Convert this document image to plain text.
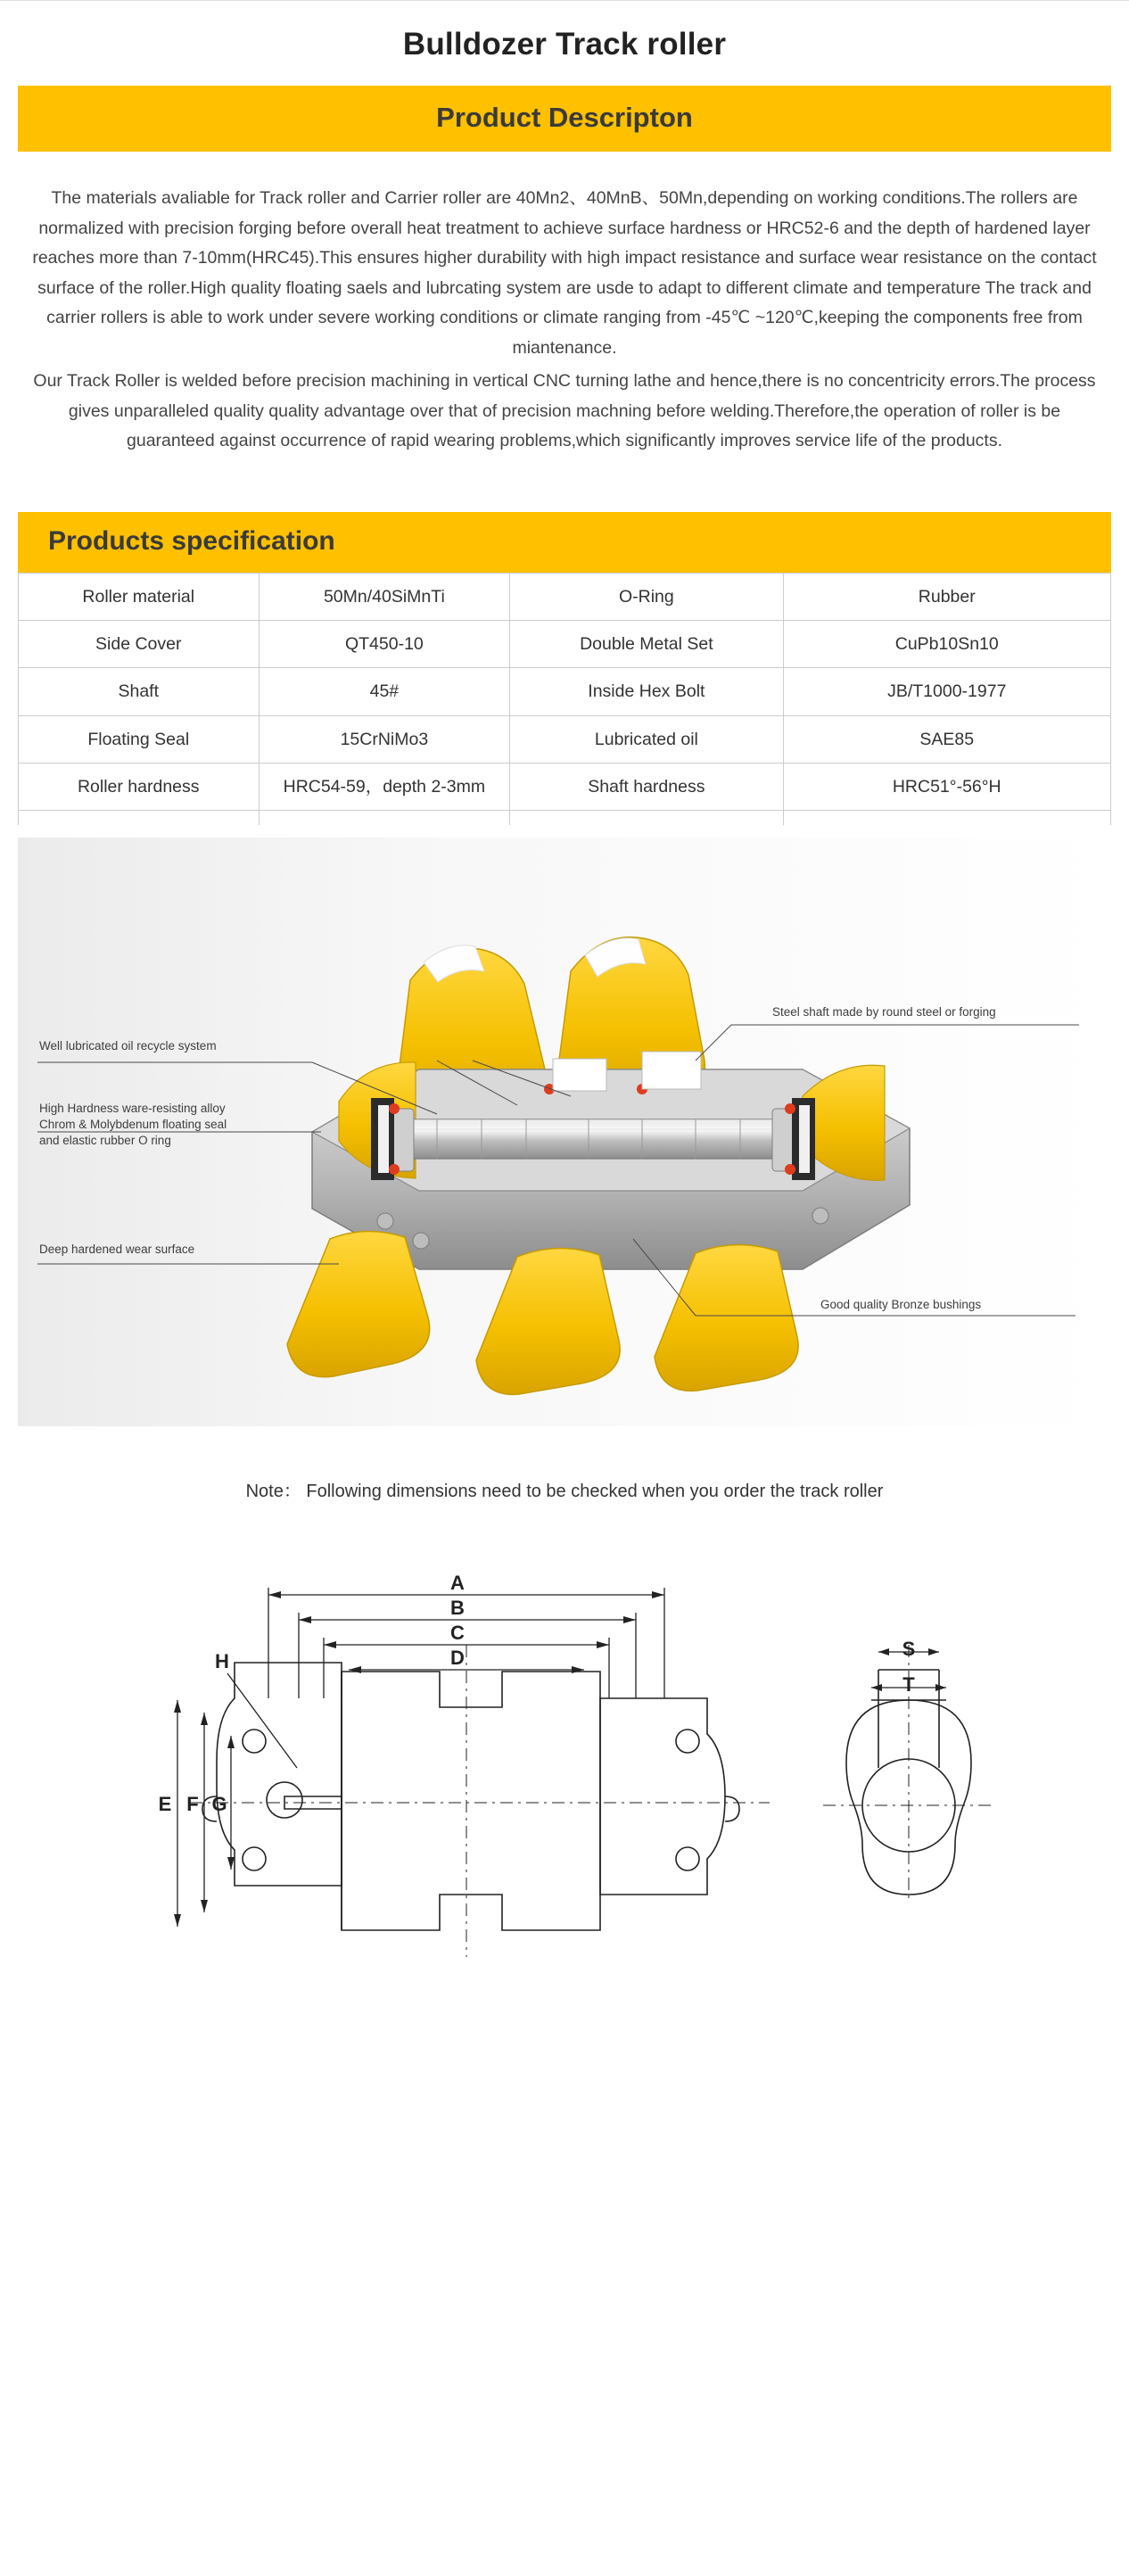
Bulldozer Track roller
Product Descripton

The materials avaliable for Track roller and Carrier roller are 40Mn2、40MnB、50Mn,depending on working conditions.The rollers are normalized with precision forging before overall heat treatment to achieve surface hardness or HRC52-6 and the depth of hardened layer reaches more than 7-10mm(HRC45).This ensures higher durability with high impact resistance and surface wear resistance on the contact surface of the roller.High quality floating saels and lubrcating system are usde to adapt to different climate and temperature The track and carrier rollers is able to work under severe working conditions or climate ranging from -45℃ ~120℃,keeping the components free from miantenance.

Our Track Roller is welded before precision machining in vertical CNC turning lathe and hence,there is no concentricity errors.The process gives unparalleled quality quality advantage over that of precision machning before welding.Therefore,the operation of roller is be guaranteed against occurrence of rapid wearing problems,which significantly improves service life of the products.

Products specification
Roller material	50Mn/40SiMnTi	O-Ring	Rubber
Side Cover	QT450-10	Double Metal Set	CuPb10Sn10
Shaft	45#	Inside Hex Bolt	JB/T1000-1977
Floating Seal	15CrNiMo3	Lubricated oil	SAE85
Roller hardness	HRC54-59，depth 2-3mm	Shaft hardness	HRC51°-56°H

Well lubricated oil recycle system
Steel shaft made by round steel or forging
High Hardness ware-resisting alloy
Chrom & Molybdenum floating seal
and elastic rubber O ring
Deep hardened wear surface
Good quality Bronze bushings
Note： Following dimensions need to be checked when you order the track roller
A
B
C
D
E F G
H
S
T
